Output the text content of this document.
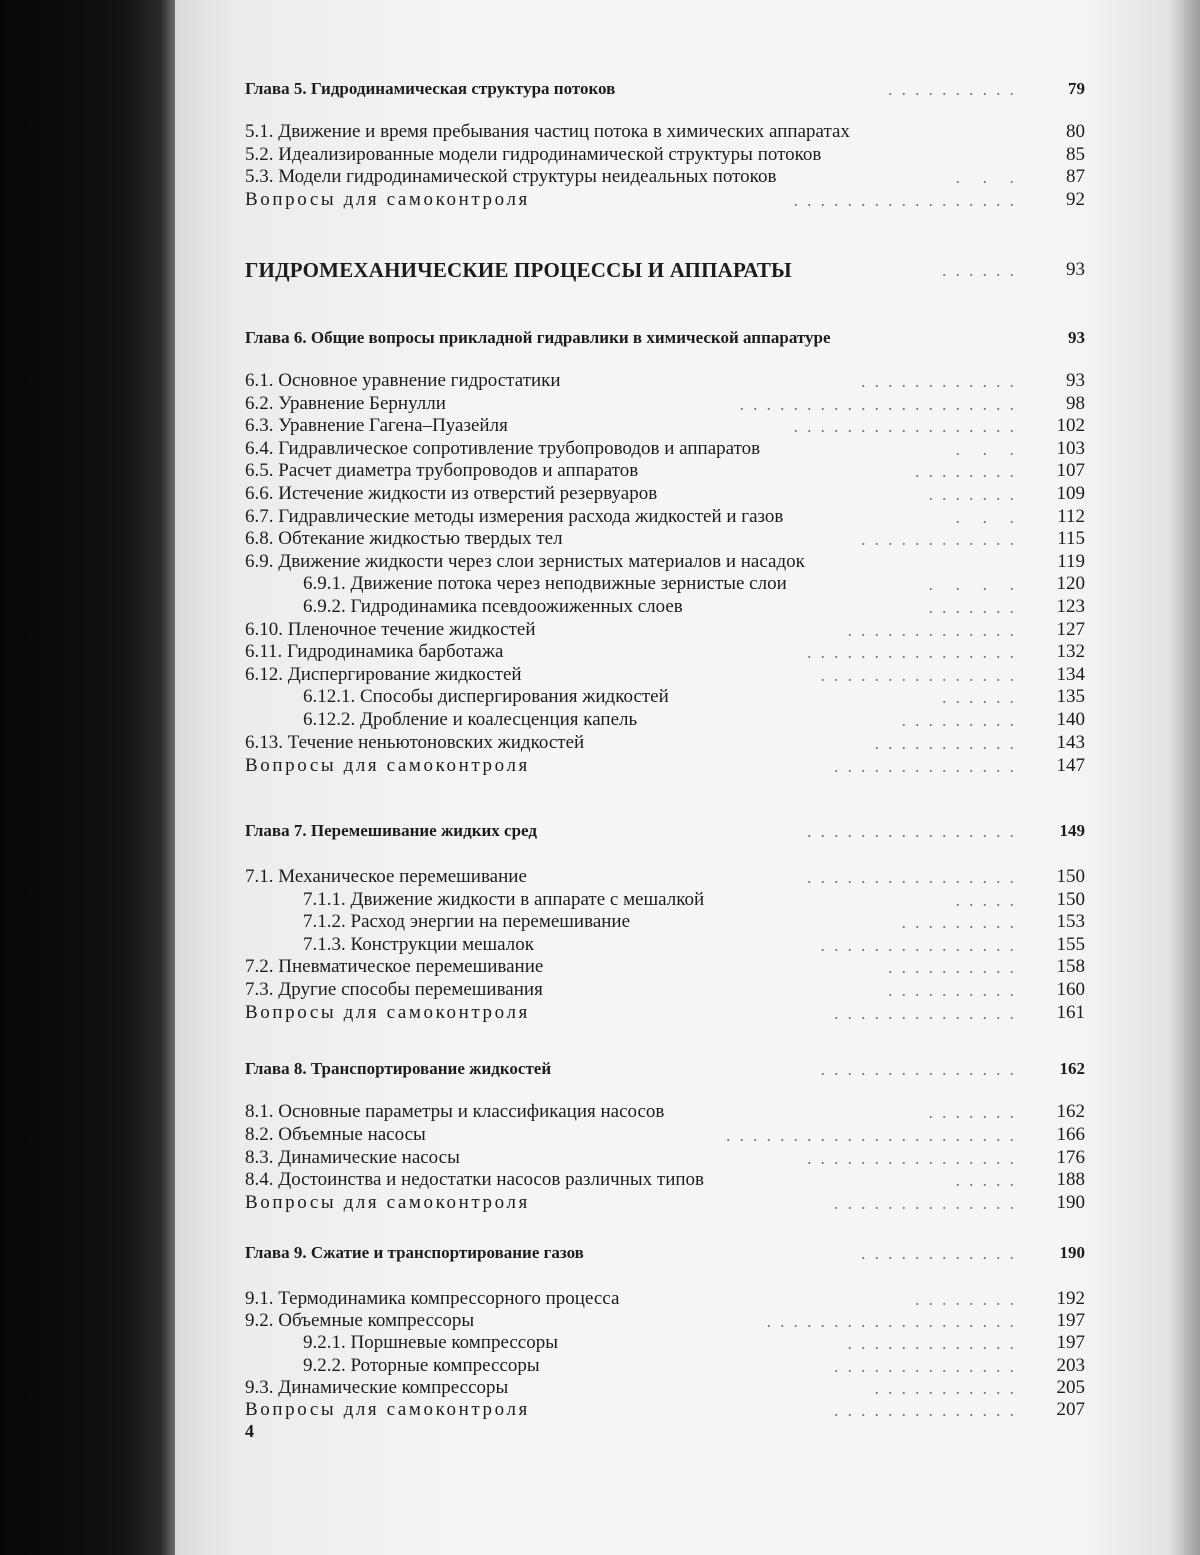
Глава 5. Гидродинамическая структура потоков	..........	79
5.1. Движение и время пребывания частиц потока в химических аппаратах	80
5.2. Идеализированные модели гидродинамической структуры потоков	85
5.3. Модели гидродинамической структуры неидеальных потоков	. . .	87
Вопросы для самоконтроля	.................	92
ГИДРОМЕХАНИЧЕСКИЕ ПРОЦЕССЫ И АППАРАТЫ	......	93
Глава 6. Общие вопросы прикладной гидравлики в химической аппаратуре	93
6.1. Основное уравнение гидростатики	............	93
6.2. Уравнение Бернулли	.....................	98
6.3. Уравнение Гагена–Пуазейля	.................	102
6.4. Гидравлическое сопротивление трубопроводов и аппаратов	. . .	103
6.5. Расчет диаметра трубопроводов и аппаратов	........	107
6.6. Истечение жидкости из отверстий резервуаров	.......	109
6.7. Гидравлические методы измерения расхода жидкостей и газов	. . .	112
6.8. Обтекание жидкостью твердых тел	............	115
6.9. Движение жидкости через слои зернистых материалов и насадок	119
6.9.1. Движение потока через неподвижные зернистые слои	. . . .	120
6.9.2. Гидродинамика псевдоожиженных слоев	.......	123
6.10. Пленочное течение жидкостей	.............	127
6.11. Гидродинамика барботажа	................	132
6.12. Диспергирование жидкостей	...............	134
6.12.1. Способы диспергирования жидкостей	......	135
6.12.2. Дробление и коалесценция капель	.........	140
6.13. Течение неньютоновских жидкостей	...........	143
Вопросы для самоконтроля	..............	147
Глава 7. Перемешивание жидких сред	................	149
7.1. Механическое перемешивание	................	150
7.1.1. Движение жидкости в аппарате с мешалкой	.....	150
7.1.2. Расход энергии на перемешивание	.........	153
7.1.3. Конструкции мешалок	...............	155
7.2. Пневматическое перемешивание	..........	158
7.3. Другие способы перемешивания	..........	160
Вопросы для самоконтроля	..............	161
Глава 8. Транспортирование жидкостей	...............	162
8.1. Основные параметры и классификация насосов	.......	162
8.2. Объемные насосы	......................	166
8.3. Динамические насосы	................	176
8.4. Достоинства и недостатки насосов различных типов	.....	188
Вопросы для самоконтроля	..............	190
Глава 9. Сжатие и транспортирование газов	............	190
9.1. Термодинамика компрессорного процесса	........	192
9.2. Объемные компрессоры	...................	197
9.2.1. Поршневые компрессоры	.............	197
9.2.2. Роторные компрессоры	..............	203
9.3. Динамические компрессоры	...........	205
Вопросы для самоконтроля	..............	207
4
